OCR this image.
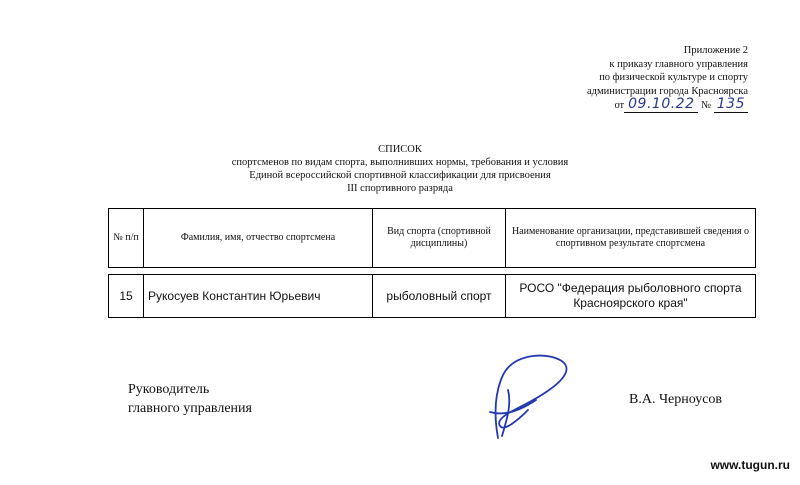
Приложение 2
к приказу главного управления
по физической культуре и спорту
администрации города Красноярска
от 09.10.22 № 135
СПИСОК
спортсменов по видам спорта, выполнивших нормы, требования и условия
Единой всероссийской спортивной классификации для присвоения
III спортивного разряда
№ п/п	Фамилия, имя, отчество спортсмена	Вид спорта (спортивной дисциплины)	Наименование организации, представившей сведения о спортивном результате спортсмена
15	Рукосуев Константин Юрьевич	рыболовный спорт	РОСО "Федерация рыболовного спорта Красноярского края"
Руководитель
главного управления
В.А. Черноусов
www.tugun.ru
